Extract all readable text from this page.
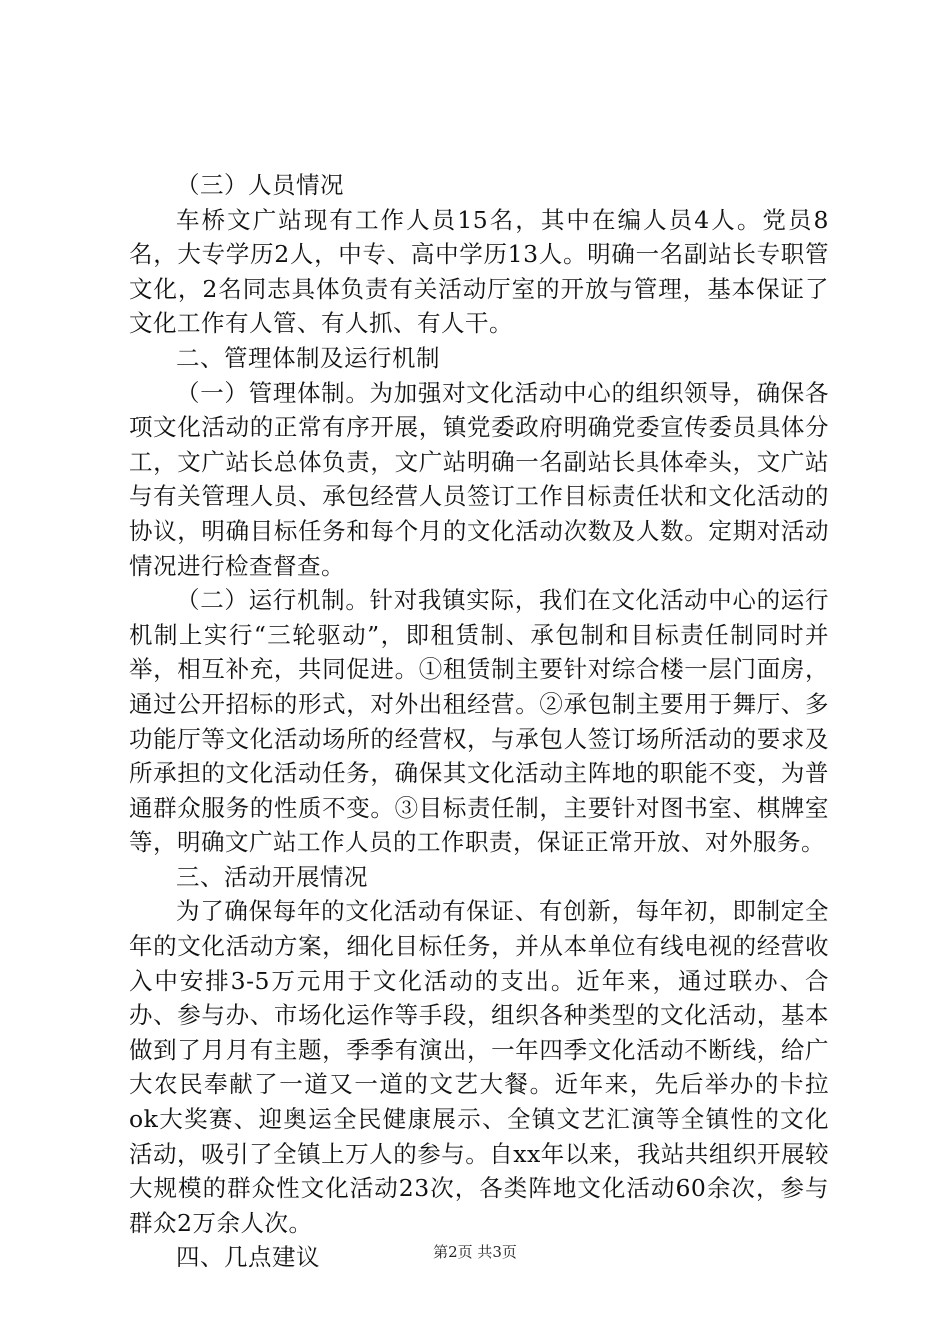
（三）人员情况

车桥文广站现有工作人员15名，其中在编人员4人。党员8名，大专学历2人，中专、高中学历13人。明确一名副站长专职管文化，2名同志具体负责有关活动厅室的开放与管理，基本保证了文化工作有人管、有人抓、有人干。

二、管理体制及运行机制

（一）管理体制。为加强对文化活动中心的组织领导，确保各项文化活动的正常有序开展，镇党委政府明确党委宣传委员具体分工，文广站长总体负责，文广站明确一名副站长具体牵头，文广站与有关管理人员、承包经营人员签订工作目标责任状和文化活动的协议，明确目标任务和每个月的文化活动次数及人数。定期对活动情况进行检查督查。

（二）运行机制。针对我镇实际，我们在文化活动中心的运行机制上实行“三轮驱动”，即租赁制、承包制和目标责任制同时并举，相互补充，共同促进。①租赁制主要针对综合楼一层门面房，通过公开招标的形式，对外出租经营。②承包制主要用于舞厅、多功能厅等文化活动场所的经营权，与承包人签订场所活动的要求及所承担的文化活动任务，确保其文化活动主阵地的职能不变，为普通群众服务的性质不变。③目标责任制，主要针对图书室、棋牌室等，明确文广站工作人员的工作职责，保证正常开放、对外服务。

三、活动开展情况

为了确保每年的文化活动有保证、有创新，每年初，即制定全年的文化活动方案，细化目标任务，并从本单位有线电视的经营收入中安排3-5万元用于文化活动的支出。近年来，通过联办、合办、参与办、市场化运作等手段，组织各种类型的文化活动，基本做到了月月有主题，季季有演出，一年四季文化活动不断线，给广大农民奉献了一道又一道的文艺大餐。近年来，先后举办的卡拉ok大奖赛、迎奥运全民健康展示、全镇文艺汇演等全镇性的文化活动，吸引了全镇上万人的参与。自xx年以来，我站共组织开展较大规模的群众性文化活动23次，各类阵地文化活动60余次，参与群众2万余人次。

四、几点建议	第2页 共3页
